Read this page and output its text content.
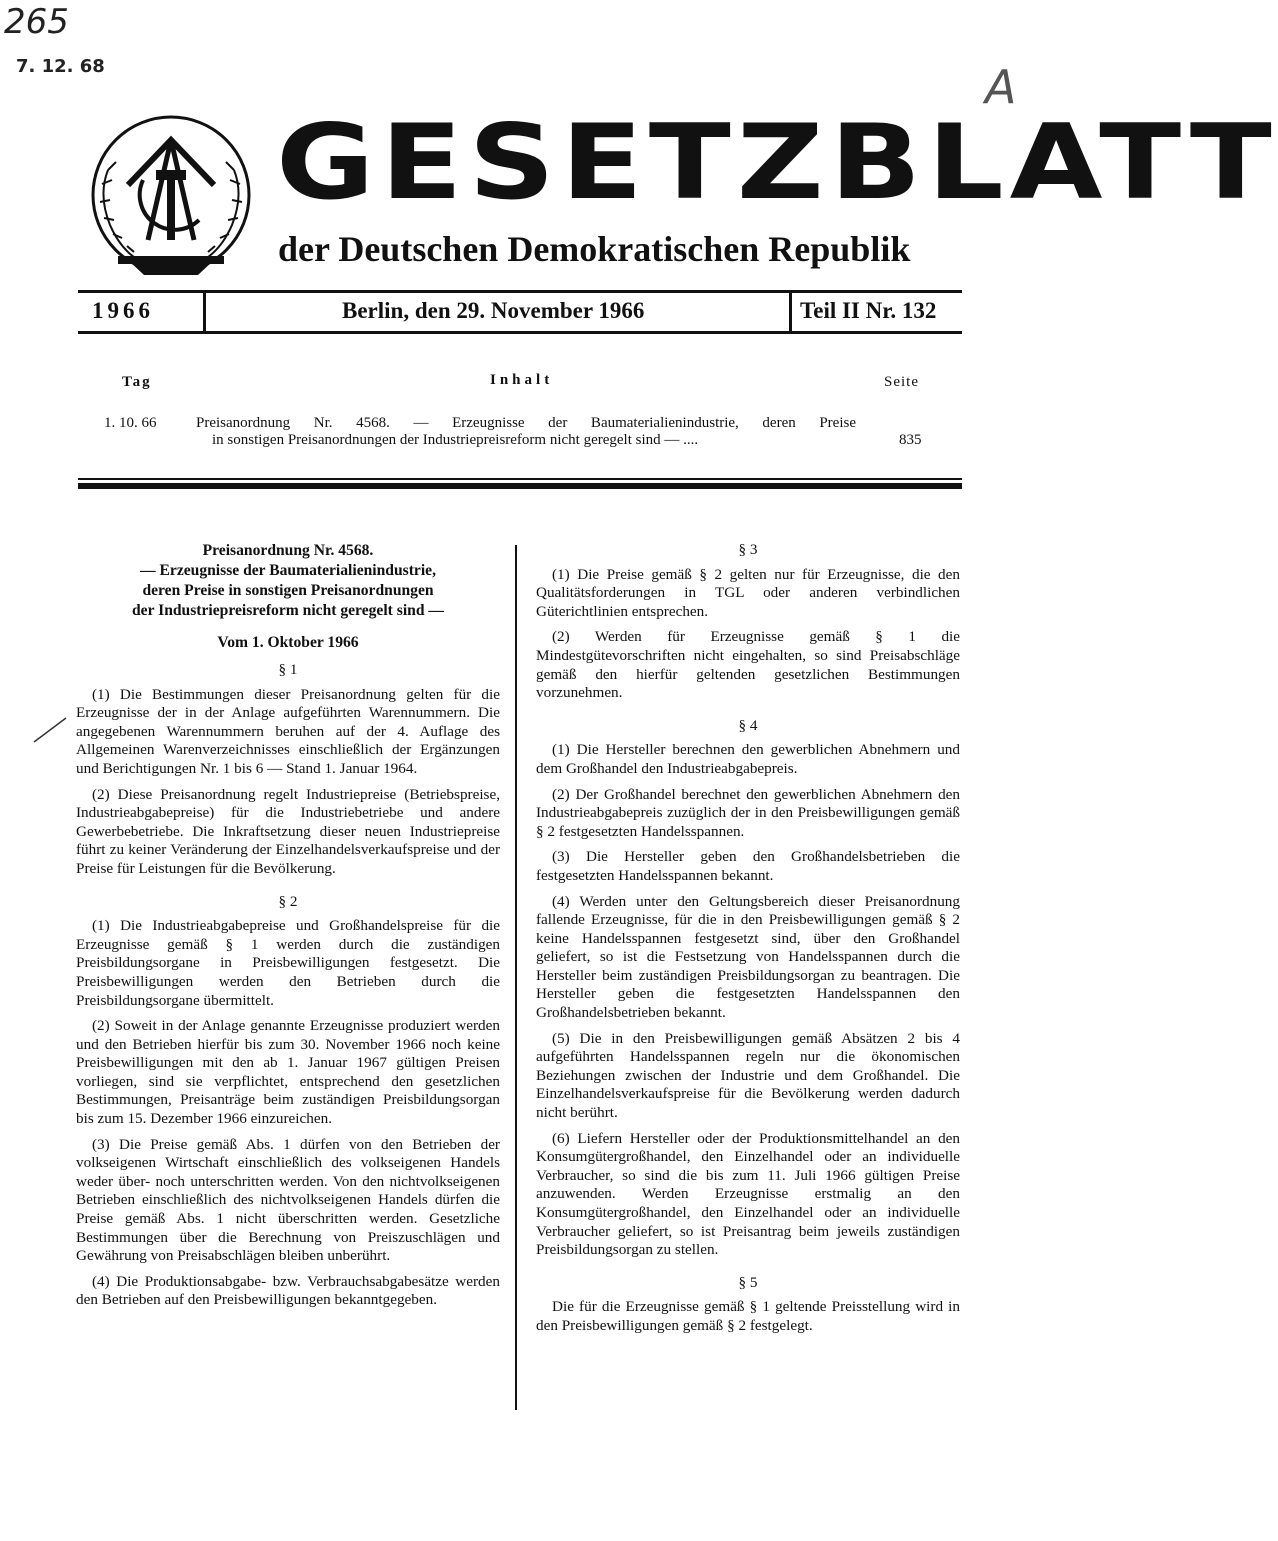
265
7. 12. 68	A
GESETZBLATT
der Deutschen Demokratischen Republik
1966	Berlin, den 29. November 1966	Teil II Nr. 132
Tag	Inhalt	Seite
1. 10. 66	Preisanordnung Nr. 4568. — Erzeugnisse der Baumaterialienindustrie, deren Preise
in sonstigen Preisanordnungen der Industriepreisreform nicht geregelt sind — ....	835
Preisanordnung Nr. 4568.
— Erzeugnisse der Baumaterialienindustrie,
deren Preise in sonstigen Preisanordnungen
der Industriepreisreform nicht geregelt sind —
Vom 1. Oktober 1966
§ 1

(1) Die Bestimmungen dieser Preisanordnung gelten für die Erzeugnisse der in der Anlage aufgeführten Warennummern. Die angegebenen Warennummern beruhen auf der 4. Auflage des Allgemeinen Warenverzeichnisses einschließlich der Ergänzungen und Berichtigungen Nr. 1 bis 6 — Stand 1. Januar 1964.

(2) Diese Preisanordnung regelt Industriepreise (Betriebspreise, Industrieabgabepreise) für die Industriebetriebe und andere Gewerbebetriebe. Die Inkraftsetzung dieser neuen Industriepreise führt zu keiner Veränderung der Einzelhandelsverkaufspreise und der Preise für Leistungen für die Bevölkerung.

§ 2

(1) Die Industrieabgabepreise und Großhandelspreise für die Erzeugnisse gemäß § 1 werden durch die zuständigen Preisbildungsorgane in Preisbewilligungen festgesetzt. Die Preisbewilligungen werden den Betrieben durch die Preisbildungsorgane übermittelt.

(2) Soweit in der Anlage genannte Erzeugnisse produziert werden und den Betrieben hierfür bis zum 30. November 1966 noch keine Preisbewilligungen mit den ab 1. Januar 1967 gültigen Preisen vorliegen, sind sie verpflichtet, entsprechend den gesetzlichen Bestimmungen, Preisanträge beim zuständigen Preisbildungsorgan bis zum 15. Dezember 1966 einzureichen.

(3) Die Preise gemäß Abs. 1 dürfen von den Betrieben der volkseigenen Wirtschaft einschließlich des volkseigenen Handels weder über- noch unterschritten werden. Von den nichtvolkseigenen Betrieben einschließlich des nichtvolkseigenen Handels dürfen die Preise gemäß Abs. 1 nicht überschritten werden. Gesetzliche Bestimmungen über die Berechnung von Preiszuschlägen und Gewährung von Preisabschlägen bleiben unberührt.

(4) Die Produktionsabgabe- bzw. Verbrauchsabgabesätze werden den Betrieben auf den Preisbewilligungen bekanntgegeben.

§ 3

(1) Die Preise gemäß § 2 gelten nur für Erzeugnisse, die den Qualitätsforderungen in TGL oder anderen verbindlichen Güterichtlinien entsprechen.

(2) Werden für Erzeugnisse gemäß § 1 die Mindestgütevorschriften nicht eingehalten, so sind Preisabschläge gemäß den hierfür geltenden gesetzlichen Bestimmungen vorzunehmen.

§ 4

(1) Die Hersteller berechnen den gewerblichen Abnehmern und dem Großhandel den Industrieabgabepreis.

(2) Der Großhandel berechnet den gewerblichen Abnehmern den Industrieabgabepreis zuzüglich der in den Preisbewilligungen gemäß § 2 festgesetzten Handelsspannen.

(3) Die Hersteller geben den Großhandelsbetrieben die festgesetzten Handelsspannen bekannt.

(4) Werden unter den Geltungsbereich dieser Preisanordnung fallende Erzeugnisse, für die in den Preisbewilligungen gemäß § 2 keine Handelsspannen festgesetzt sind, über den Großhandel geliefert, so ist die Festsetzung von Handelsspannen durch die Hersteller beim zuständigen Preisbildungsorgan zu beantragen. Die Hersteller geben die festgesetzten Handelsspannen den Großhandelsbetrieben bekannt.

(5) Die in den Preisbewilligungen gemäß Absätzen 2 bis 4 aufgeführten Handelsspannen regeln nur die ökonomischen Beziehungen zwischen der Industrie und dem Großhandel. Die Einzelhandelsverkaufspreise für die Bevölkerung werden dadurch nicht berührt.

(6) Liefern Hersteller oder der Produktionsmittelhandel an den Konsumgütergroßhandel, den Einzelhandel oder an individuelle Verbraucher, so sind die bis zum 11. Juli 1966 gültigen Preise anzuwenden. Werden Erzeugnisse erstmalig an den Konsumgütergroßhandel, den Einzelhandel oder an individuelle Verbraucher geliefert, so ist Preisantrag beim jeweils zuständigen Preisbildungsorgan zu stellen.

§ 5

Die für die Erzeugnisse gemäß § 1 geltende Preisstellung wird in den Preisbewilligungen gemäß § 2 festgelegt.
